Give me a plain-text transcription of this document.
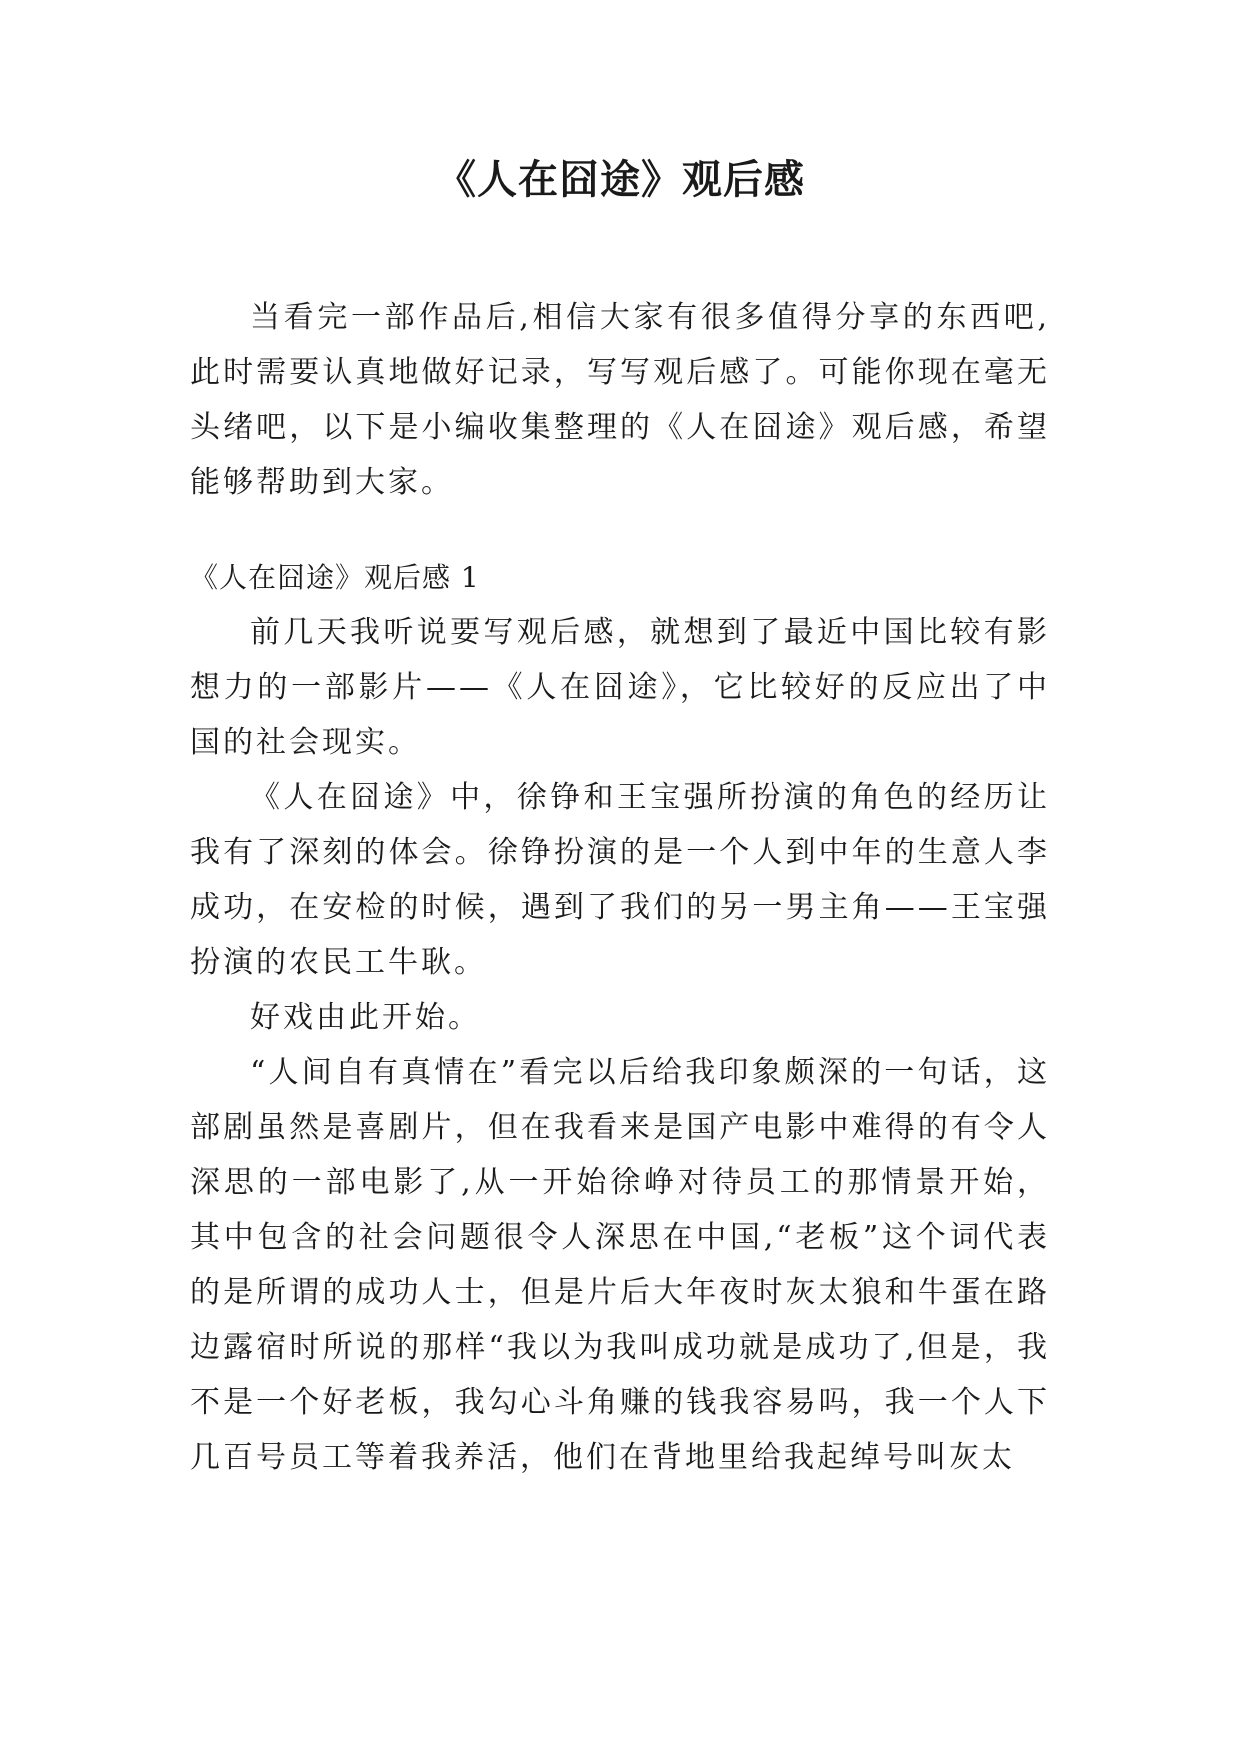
《人在囧途》观后感

当看完一部作品后,相信大家有很多值得分享的东西吧,此时需要认真地做好记录，写写观后感了。可能你现在毫无头绪吧，以下是小编收集整理的《人在囧途》观后感，希望能够帮助到大家。

《人在囧途》观后感 1

前几天我听说要写观后感，就想到了最近中国比较有影想力的一部影片——《人在囧途》，它比较好的反应出了中国的社会现实。

《人在囧途》中，徐铮和王宝强所扮演的角色的经历让我有了深刻的体会。徐铮扮演的是一个人到中年的生意人李成功，在安检的时候，遇到了我们的另一男主角——王宝强扮演的农民工牛耿。

好戏由此开始。

“人间自有真情在”看完以后给我印象颇深的一句话，这部剧虽然是喜剧片，但在我看来是国产电影中难得的有令人深思的一部电影了,从一开始徐峥对待员工的那情景开始，其中包含的社会问题很令人深思在中国,“老板”这个词代表的是所谓的成功人士，但是片后大年夜时灰太狼和牛蛋在路边露宿时所说的那样“我以为我叫成功就是成功了,但是，我不是一个好老板，我勾心斗角赚的钱我容易吗，我一个人下几百号员工等着我养活，他们在背地里给我起绰号叫灰太
